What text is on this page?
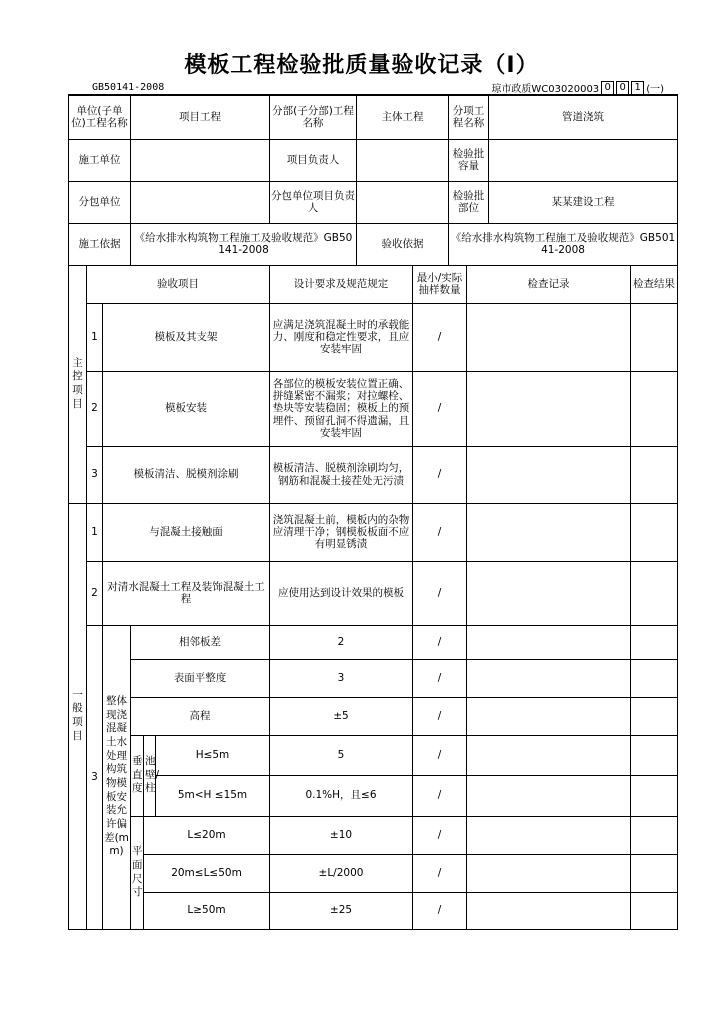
模板工程检验批质量验收记录（Ⅰ）
GB50141-2008	琼市政质WC03020003 0 0 1 (一)
单位(子单位)工程名称			项目工程			分部(子分部)工程名称	主体工程		分项工程名称		管道浇筑	
施工单位						项目负责人			检验批容量			
分包单位						分包单位项目负责人			检验批部位		某某建设工程	
施工依据			《给水排水构筑物工程施工及验收规范》GB50141-2008				验收依据		《给水排水构筑物工程施工及验收规范》GB50141-2008			
主控项目	验收项目					设计要求及规范规定		最小/实际抽样数量		检查记录		检查结果
	1	模板及其支架				应满足浇筑混凝土时的承载能力、刚度和稳定性要求，且应安装牢固		/				
	2	模板安装				各部位的模板安装位置正确、拼缝紧密不漏浆；对拉螺栓、垫块等安装稳固；模板上的预埋件、预留孔洞不得遗漏，且安装牢固		/				
	3	模板清洁、脱模剂涂刷				模板清洁、脱模剂涂刷均匀，钢筋和混凝土接茬处无污渍		/				
一般项目	1	与混凝土接触面				浇筑混凝土前，模板内的杂物应清理干净；钢模板板面不应有明显锈渍		/				
	2	对清水混凝土工程及装饰混凝土工程				应使用达到设计效果的模板		/				
	3	整体现浇混凝土水处理构筑物模板安装允许偏差(mm)	相邻板差			2		/				
			表面平整度			3		/				
			高程			±5		/				
			垂直度	池壁/柱	H≤5m	5		/				
					5m<H ≤15m	0.1%H，且≤6		/				
			平面尺寸	L≤20m		±10		/				
				20m≤L≤50m		±L/2000		/				
				L≥50m		±25		/				
